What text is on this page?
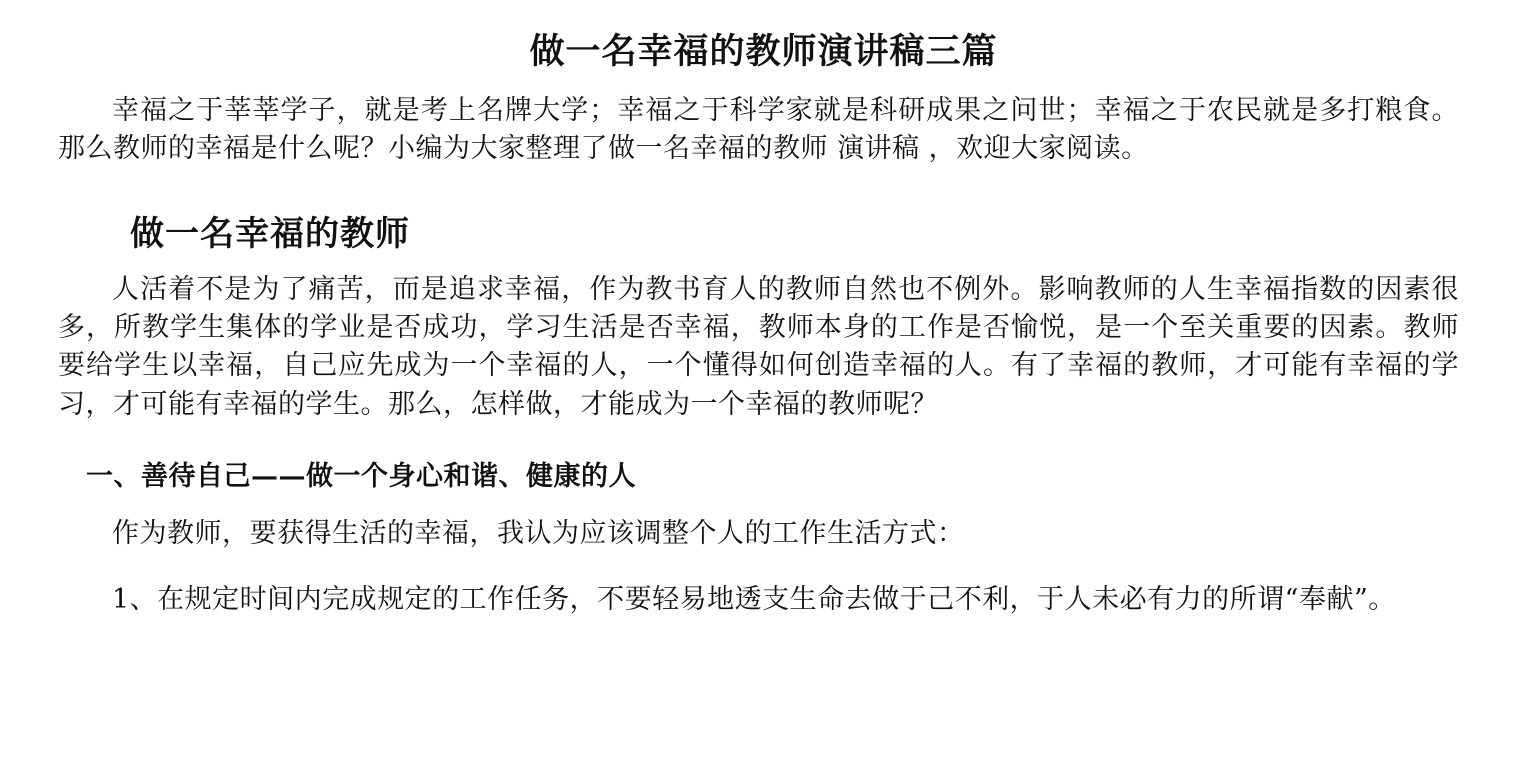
做一名幸福的教师演讲稿三篇

幸福之于莘莘学子，就是考上名牌大学；幸福之于科学家就是科研成果之问世；幸福之于农民就是多打粮食。那么教师的幸福是什么呢？小编为大家整理了做一名幸福的教师 演讲稿 ，欢迎大家阅读。

做一名幸福的教师

人活着不是为了痛苦，而是追求幸福，作为教书育人的教师自然也不例外。影响教师的人生幸福指数的因素很多，所教学生集体的学业是否成功，学习生活是否幸福，教师本身的工作是否愉悦，是一个至关重要的因素。教师要给学生以幸福，自己应先成为一个幸福的人，一个懂得如何创造幸福的人。有了幸福的教师，才可能有幸福的学习，才可能有幸福的学生。那么，怎样做，才能成为一个幸福的教师呢？

一、善待自己——做一个身心和谐、健康的人

作为教师，要获得生活的幸福，我认为应该调整个人的工作生活方式：

1、在规定时间内完成规定的工作任务，不要轻易地透支生命去做于己不利，于人未必有力的所谓“奉献”。
